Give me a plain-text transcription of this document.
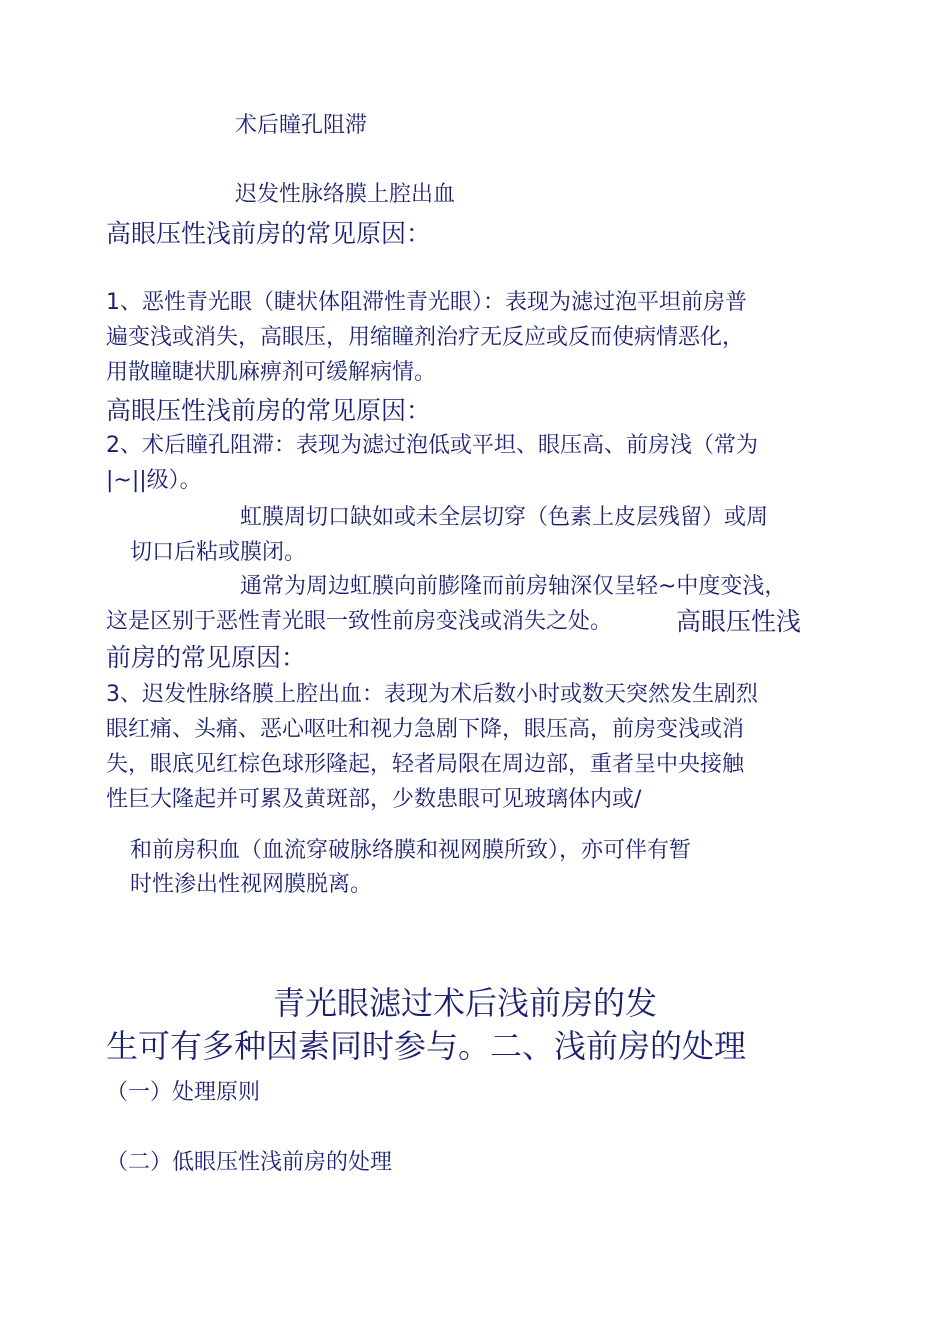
术后瞳孔阻滞

迟发性脉络膜上腔出血

高眼压性浅前房的常见原因：

1、恶性青光眼（睫状体阻滞性青光眼）：表现为滤过泡平坦前房普

遍变浅或消失，高眼压，用缩瞳剂治疗无反应或反而使病情恶化，

用散瞳睫状肌麻痹剂可缓解病情。

高眼压性浅前房的常见原因：

2、术后瞳孔阻滞：表现为滤过泡低或平坦、眼压高、前房浅（常为

|~||级）。

虹膜周切口缺如或未全层切穿（色素上皮层残留）或周

切口后粘或膜闭。

通常为周边虹膜向前膨隆而前房轴深仅呈轻~中度变浅，

这是区别于恶性青光眼一致性前房变浅或消失之处。	高眼压性浅

前房的常见原因：

3、迟发性脉络膜上腔出血：表现为术后数小时或数天突然发生剧烈

眼红痛、头痛、恶心呕吐和视力急剧下降，眼压高，前房变浅或消

失，眼底见红棕色球形隆起，轻者局限在周边部，重者呈中央接触

性巨大隆起并可累及黄斑部，少数患眼可见玻璃体内或/

和前房积血（血流穿破脉络膜和视网膜所致），亦可伴有暂

时性渗出性视网膜脱离。

青光眼滤过术后浅前房的发

生可有多种因素同时参与。二、浅前房的处理

（一）处理原则

（二）低眼压性浅前房的处理
